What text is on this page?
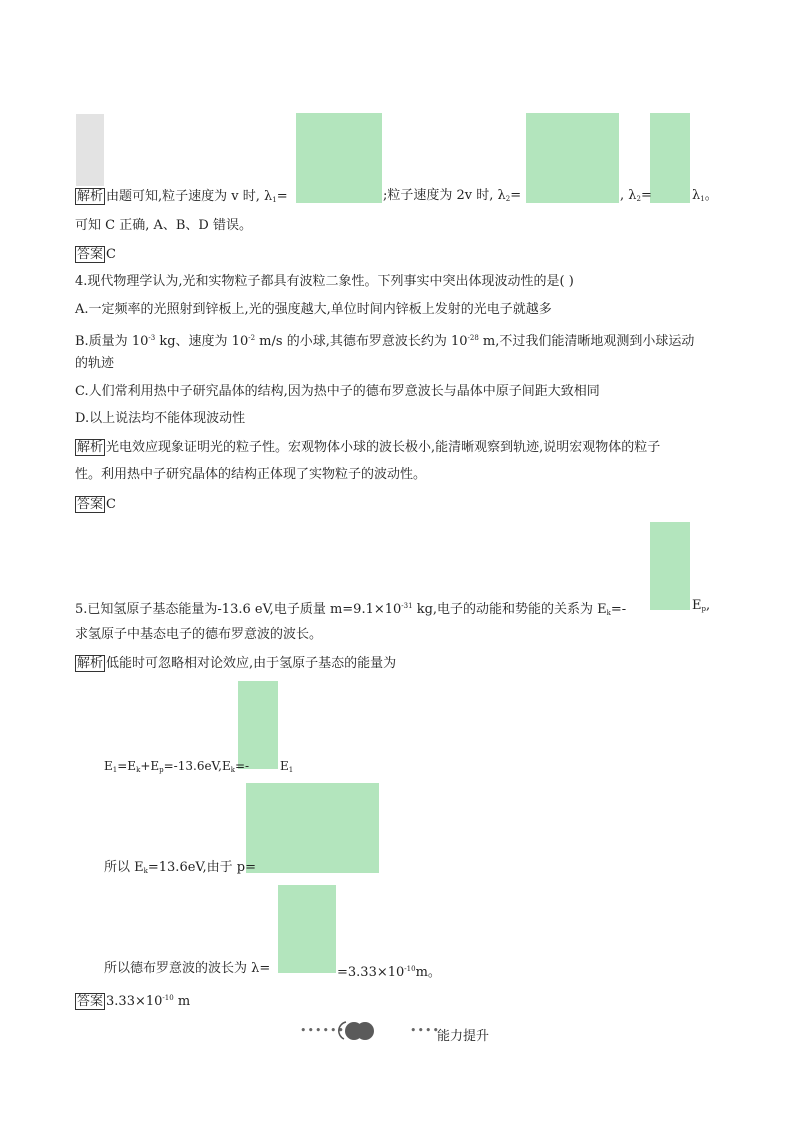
解析 由题可知,粒子速度为 v 时, $\lambda_1=$	;粒子速度为 2v 时, $\lambda_2=$	, $\lambda_2=$	$\lambda_1$。
可知 C 正确, A、B、D 错误。
答案 C
4.现代物理学认为,光和实物粒子都具有波粒二象性。下列事实中突出体现波动性的是( )
A.一定频率的光照射到锌板上,光的强度越大,单位时间内锌板上发射的光电子就越多
B.质量为 $10^{-3}$ kg、速度为 $10^{-2}$ m/s 的小球,其德布罗意波长约为 $10^{-28}$ m,不过我们能清晰地观测到小球运动
的轨迹
C.人们常利用热中子研究晶体的结构,因为热中子的德布罗意波长与晶体中原子间距大致相同
D.以上说法均不能体现波动性
解析 光电效应现象证明光的粒子性。宏观物体小球的波长极小,能清晰观察到轨迹,说明宏观物体的粒子
性。利用热中子研究晶体的结构正体现了实物粒子的波动性。
答案 C
5.已知氢原子基态能量为-13.6 eV,电子质量 $m=9.1\times 10^{-31}$ kg,电子的动能和势能的关系为 $E_k=-$	$E_p$,
求氢原子中基态电子的德布罗意波的波长。
解析 低能时可忽略相对论效应,由于氢原子基态的能量为
$E_1=E_k+E_p=-13.6eV,E_k=-$	$E_1$
所以 $E_k=13.6eV$,由于 p=
所以德布罗意波的波长为 λ=	$=3.33\times 10^{-10}m$。
答案 $3.33\times 10^{-10}$ m
••••••	••••
能力提升
